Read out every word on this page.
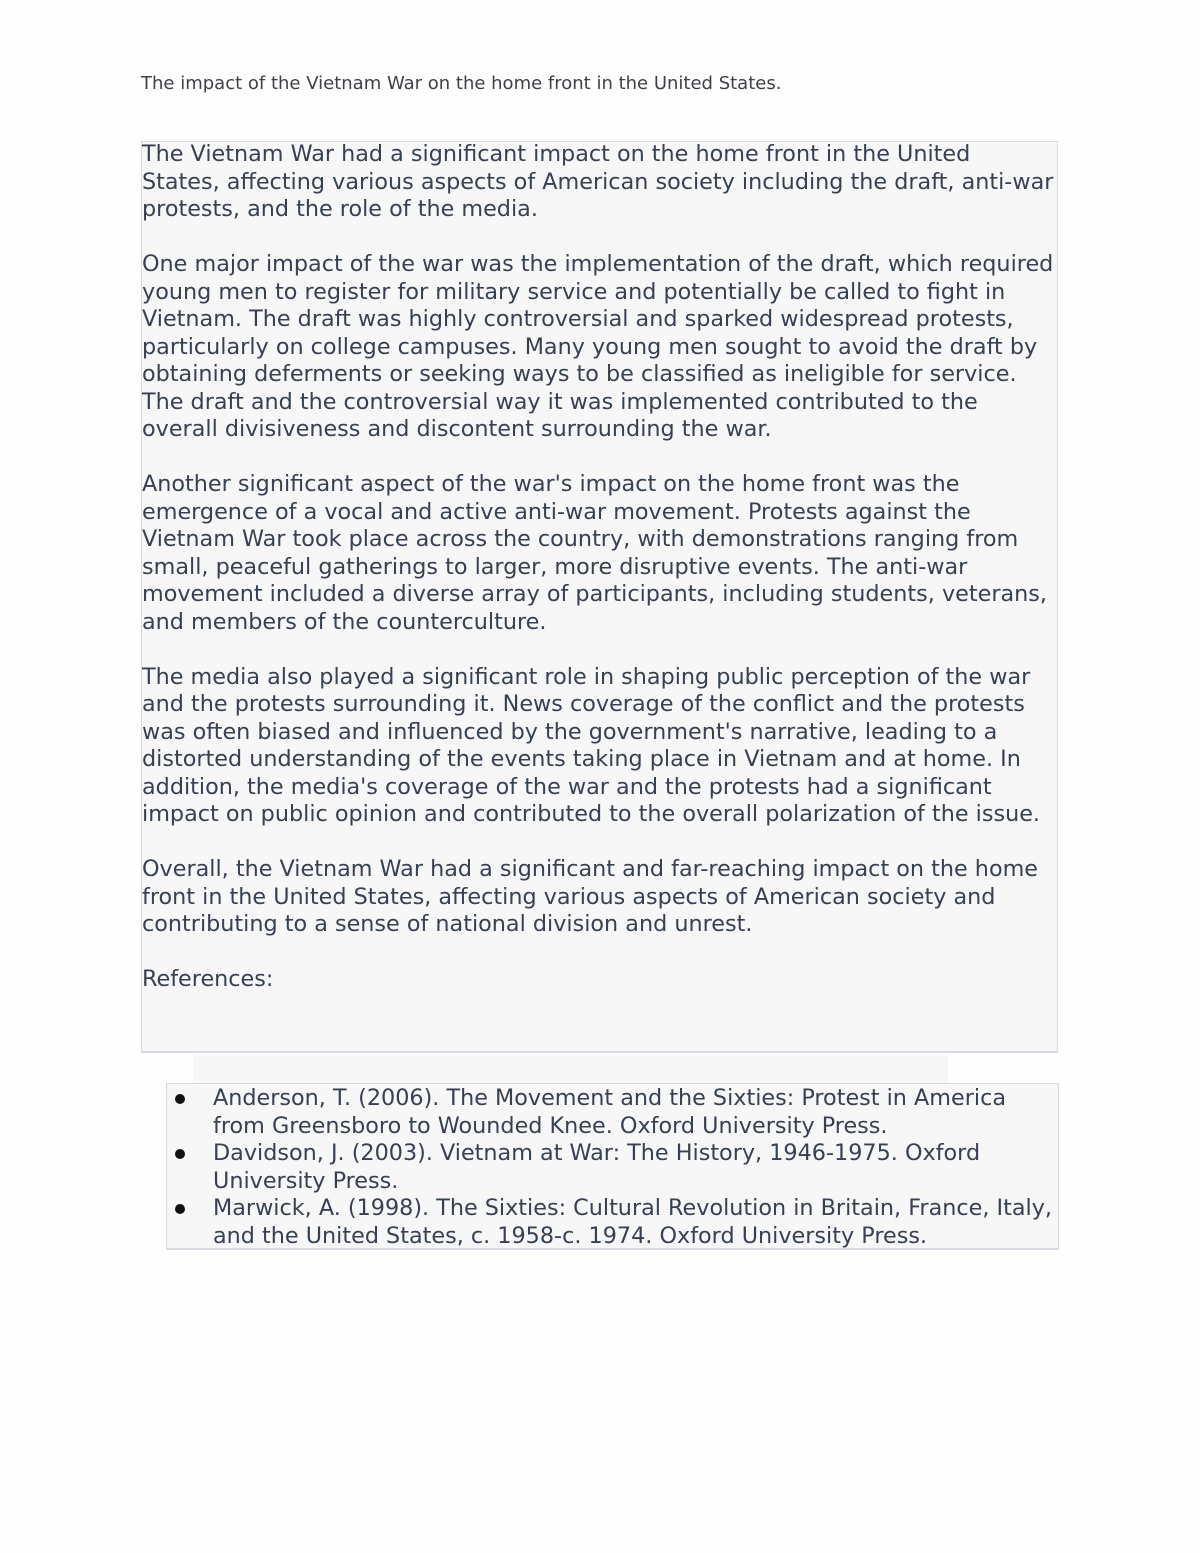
The impact of the Vietnam War on the home front in the United States.

The Vietnam War had a significant impact on the home front in the United States, affecting various aspects of American society including the draft, anti-war protests, and the role of the media.

One major impact of the war was the implementation of the draft, which required young men to register for military service and potentially be called to fight in Vietnam. The draft was highly controversial and sparked widespread protests, particularly on college campuses. Many young men sought to avoid the draft by obtaining deferments or seeking ways to be classified as ineligible for service. The draft and the controversial way it was implemented contributed to the overall divisiveness and discontent surrounding the war.

Another significant aspect of the war's impact on the home front was the emergence of a vocal and active anti-war movement. Protests against the Vietnam War took place across the country, with demonstrations ranging from small, peaceful gatherings to larger, more disruptive events. The anti-war movement included a diverse array of participants, including students, veterans, and members of the counterculture.

The media also played a significant role in shaping public perception of the war and the protests surrounding it. News coverage of the conflict and the protests was often biased and influenced by the government's narrative, leading to a distorted understanding of the events taking place in Vietnam and at home. In addition, the media's coverage of the war and the protests had a significant impact on public opinion and contributed to the overall polarization of the issue.

Overall, the Vietnam War had a significant and far-reaching impact on the home front in the United States, affecting various aspects of American society and contributing to a sense of national division and unrest.

References:

Anderson, T. (2006). The Movement and the Sixties: Protest in America from Greensboro to Wounded Knee. Oxford University Press.
Davidson, J. (2003). Vietnam at War: The History, 1946-1975. Oxford University Press.
Marwick, A. (1998). The Sixties: Cultural Revolution in Britain, France, Italy, and the United States, c. 1958-c. 1974. Oxford University Press.
